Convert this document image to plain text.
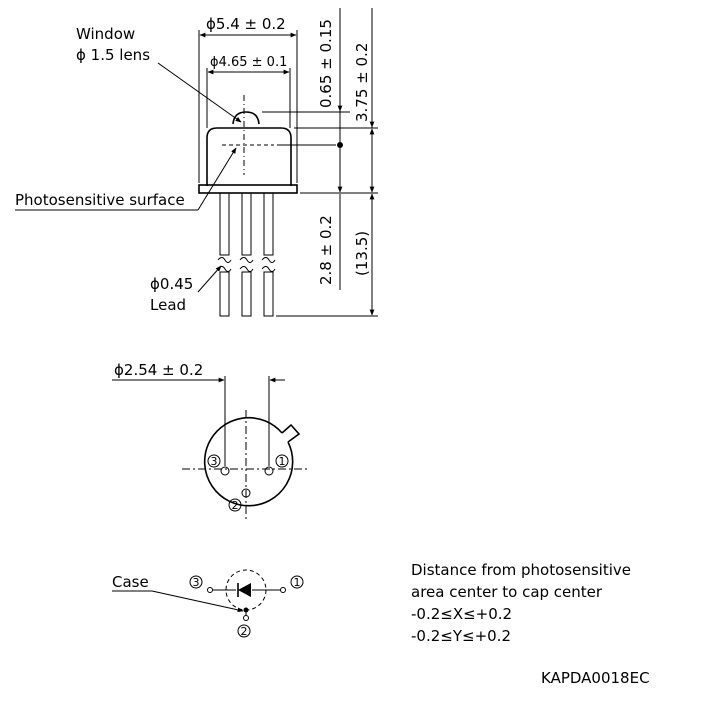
ϕ5.4 ± 0.2
ϕ4.65 ± 0.1 0.65 ± 0.15 3.75 ± 0.2
2.8 ± 0.2 (13.5)
Window
ϕ 1.5 lens
Photosensitive surface
ϕ0.45
Lead
ϕ2.54 ± 0.2
3	1
2
3	1
2
Case
Distance from photosensitive
area center to cap center
-0.2≤X≤+0.2
-0.2≤Y≤+0.2
KAPDA0018EC
